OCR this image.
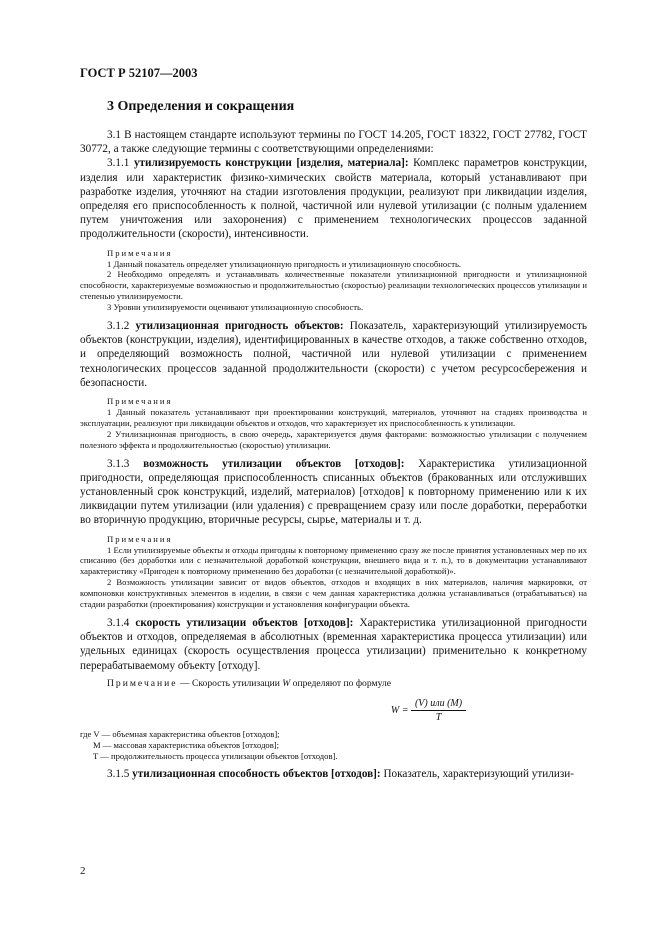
ГОСТ Р 52107—2003
3 Определения и сокращения

3.1 В настоящем стандарте используют термины по ГОСТ 14.205, ГОСТ 18322, ГОСТ 27782, ГОСТ 30772, а также следующие термины с соответствующими определениями:

3.1.1 утилизируемость конструкции [изделия, материала]: Комплекс параметров конструкции, изделия или характеристик физико-химических свойств материала, который устанавливают при разработке изделия, уточняют на стадии изготовления продукции, реализуют при ликвидации изделия, определяя его приспособленность к полной, частичной или нулевой утилизации (с полным удалением путем уничтожения или захоронения) с применением технологических процессов заданной продолжительности (скорости), интенсивности.

Примечания

1 Данный показатель определяет утилизационную пригодность и утилизационную способность.

2 Необходимо определять и устанавливать количественные показатели утилизационной пригодности и утилизационной способности, характеризуемые возможностью и продолжительностью (скоростью) реализации технологических процессов утилизации и степенью утилизируемости.

3 Уровни утилизируемости оценивают утилизационную способность.

3.1.2 утилизационная пригодность объектов: Показатель, характеризующий утилизируемость объектов (конструкции, изделия), идентифицированных в качестве отходов, а также собственно отходов, и определяющий возможность полной, частичной или нулевой утилизации с применением технологических процессов заданной продолжительности (скорости) с учетом ресурсосбережения и безопасности.

Примечания

1 Данный показатель устанавливают при проектировании конструкций, материалов, уточняют на стадиях производства и эксплуатации, реализуют при ликвидации объектов и отходов, что характеризует их приспособленность к утилизации.

2 Утилизационная пригодность, в свою очередь, характеризуется двумя факторами: возможностью утилизации с получением полезного эффекта и продолжительностью (скоростью) утилизации.

3.1.3 возможность утилизации объектов [отходов]: Характеристика утилизационной пригодности, определяющая приспособленность списанных объектов (бракованных или отслуживших установленный срок конструкций, изделий, материалов) [отходов] к повторному применению или к их ликвидации путем утилизации (или удаления) с превращением сразу или после доработки, переработки во вторичную продукцию, вторичные ресурсы, сырье, материалы и т. д.

Примечания

1 Если утилизируемые объекты и отходы пригодны к повторному применению сразу же после принятия установленных мер по их списанию (без доработки или с незначительной доработкой конструкции, внешнего вида и т. п.), то в документации устанавливают характеристику «Пригоден к повторному применению без доработки (с незначительной доработкой)».

2 Возможность утилизации зависит от видов объектов, отходов и входящих в них материалов, наличия маркировки, от компоновки конструктивных элементов в изделии, в связи с чем данная характеристика должна устанавливаться (отрабатываться) на стадии разработки (проектирования) конструкции и установления конфигурации объекта.

3.1.4 скорость утилизации объектов [отходов]: Характеристика утилизационной пригодности объектов и отходов, определяемая в абсолютных (временная характеристика процесса утилизации) или удельных единицах (скорость осуществления процесса утилизации) применительно к конкретному перерабатываемому объекту [отходу].

Примечание — Скорость утилизации W определяют по формуле

$W = \frac{\text{(V) или (M)}}{T}$
где V — объемная характеристика объектов [отходов];
M — массовая характеристика объектов [отходов];
T — продолжительность процесса утилизации объектов [отходов].

3.1.5 утилизационная способность объектов [отходов]: Показатель, характеризующий утилизи-

2
